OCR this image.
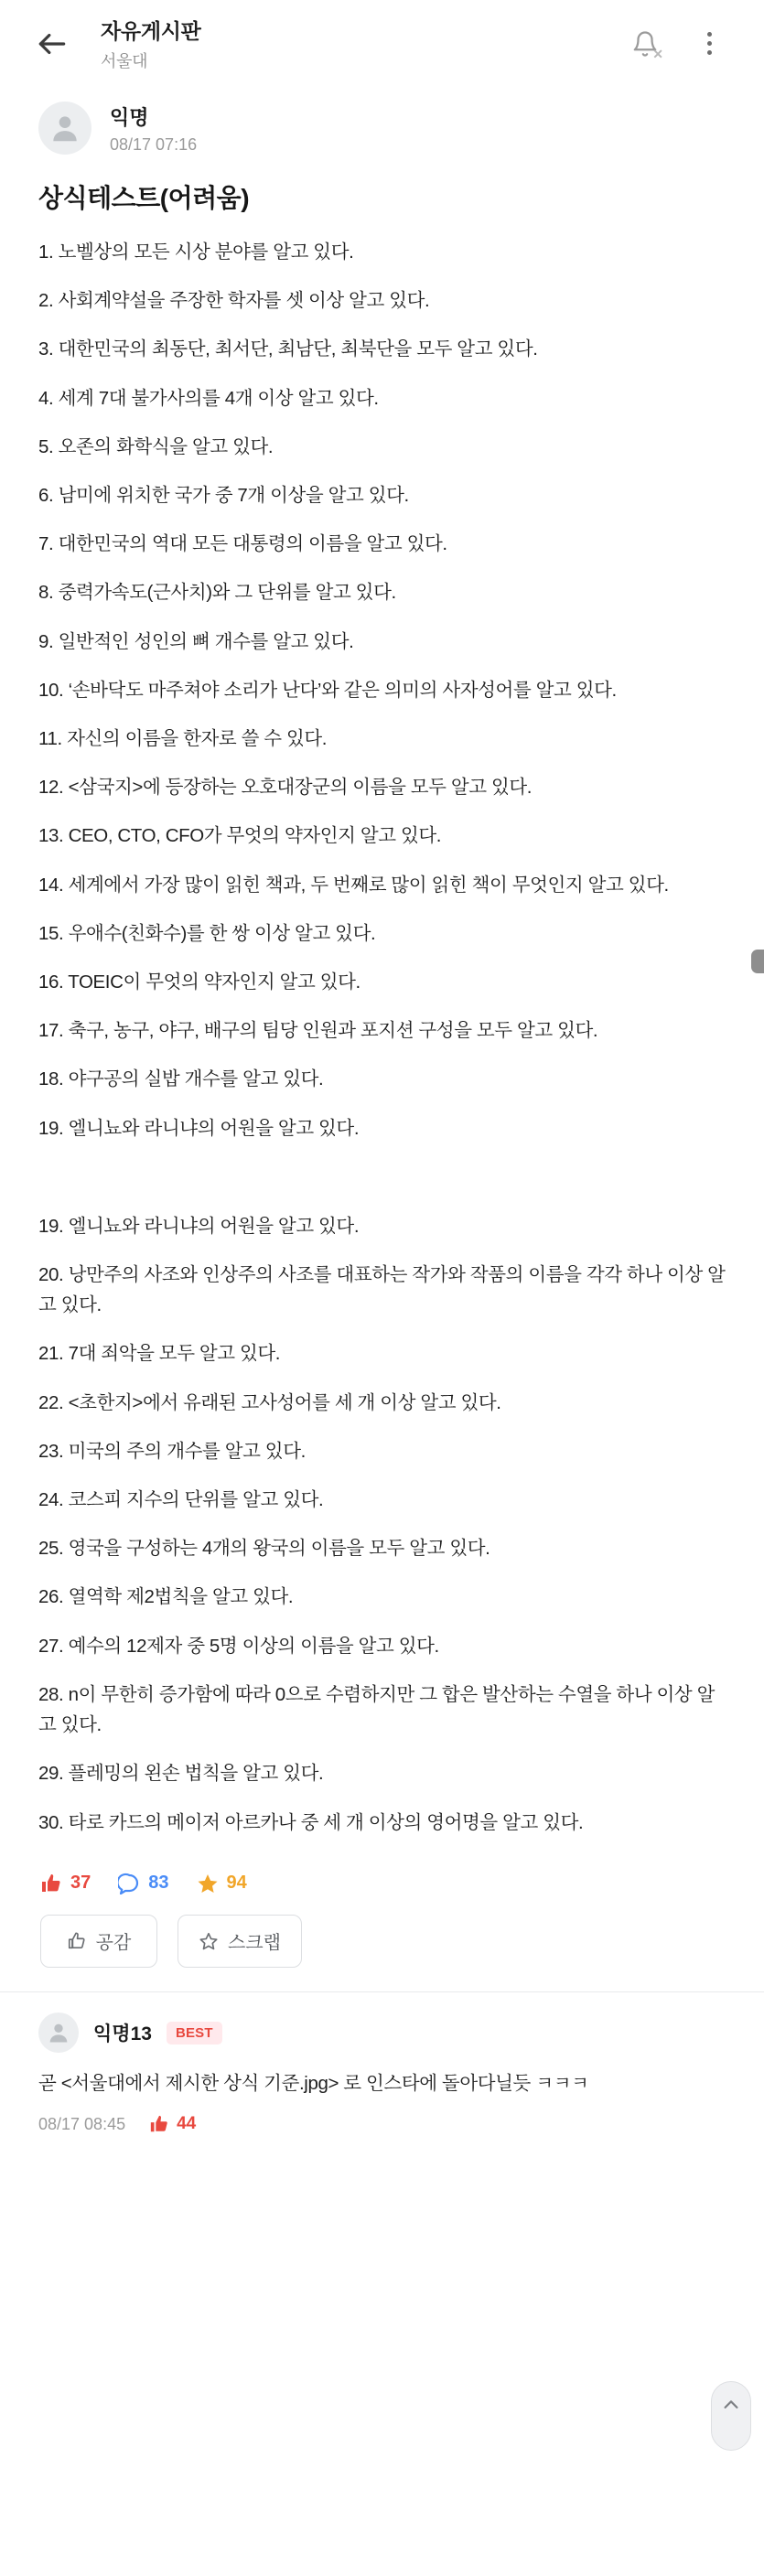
자유게시판
서울대	✕
익명
08/17 07:16
상식테스트(어려움)

1. 노벨상의 모든 시상 분야를 알고 있다.

2. 사회계약설을 주장한 학자를 셋 이상 알고 있다.

3. 대한민국의 최동단, 최서단, 최남단, 최북단을 모두 알고 있다.

4. 세계 7대 불가사의를 4개 이상 알고 있다.

5. 오존의 화학식을 알고 있다.

6. 남미에 위치한 국가 중 7개 이상을 알고 있다.

7. 대한민국의 역대 모든 대통령의 이름을 알고 있다.

8. 중력가속도(근사치)와 그 단위를 알고 있다.

9. 일반적인 성인의 뼈 개수를 알고 있다.

10. ‘손바닥도 마주쳐야 소리가 난다’와 같은 의미의 사자성어를 알고 있다.

11. 자신의 이름을 한자로 쓸 수 있다.

12. <삼국지>에 등장하는 오호대장군의 이름을 모두 알고 있다.

13. CEO, CTO, CFO가 무엇의 약자인지 알고 있다.

14. 세계에서 가장 많이 읽힌 책과, 두 번째로 많이 읽힌 책이 무엇인지 알고 있다.

15. 우애수(친화수)를 한 쌍 이상 알고 있다.

16. TOEIC이 무엇의 약자인지 알고 있다.

17. 축구, 농구, 야구, 배구의 팀당 인원과 포지션 구성을 모두 알고 있다.

18. 야구공의 실밥 개수를 알고 있다.

19. 엘니뇨와 라니냐의 어원을 알고 있다.

19. 엘니뇨와 라니냐의 어원을 알고 있다.

20. 낭만주의 사조와 인상주의 사조를 대표하는 작가와 작품의 이름을 각각 하나 이상 알고 있다.

21. 7대 죄악을 모두 알고 있다.

22. <초한지>에서 유래된 고사성어를 세 개 이상 알고 있다.

23. 미국의 주의 개수를 알고 있다.

24. 코스피 지수의 단위를 알고 있다.

25. 영국을 구성하는 4개의 왕국의 이름을 모두 알고 있다.

26. 열역학 제2법칙을 알고 있다.

27. 예수의 12제자 중 5명 이상의 이름을 알고 있다.

28. n이 무한히 증가함에 따라 0으로 수렴하지만 그 합은 발산하는 수열을 하나 이상 알고 있다.

29. 플레밍의 왼손 법칙을 알고 있다.

30. 타로 카드의 메이저 아르카나 중 세 개 이상의 영어명을 알고 있다.

37	83	94
공감	스크랩
익명13	BEST
곧 <서울대에서 제시한 상식 기준.jpg> 로 인스타에 돌아다닐듯 ㅋㅋㅋ
08/17 08:45	44
